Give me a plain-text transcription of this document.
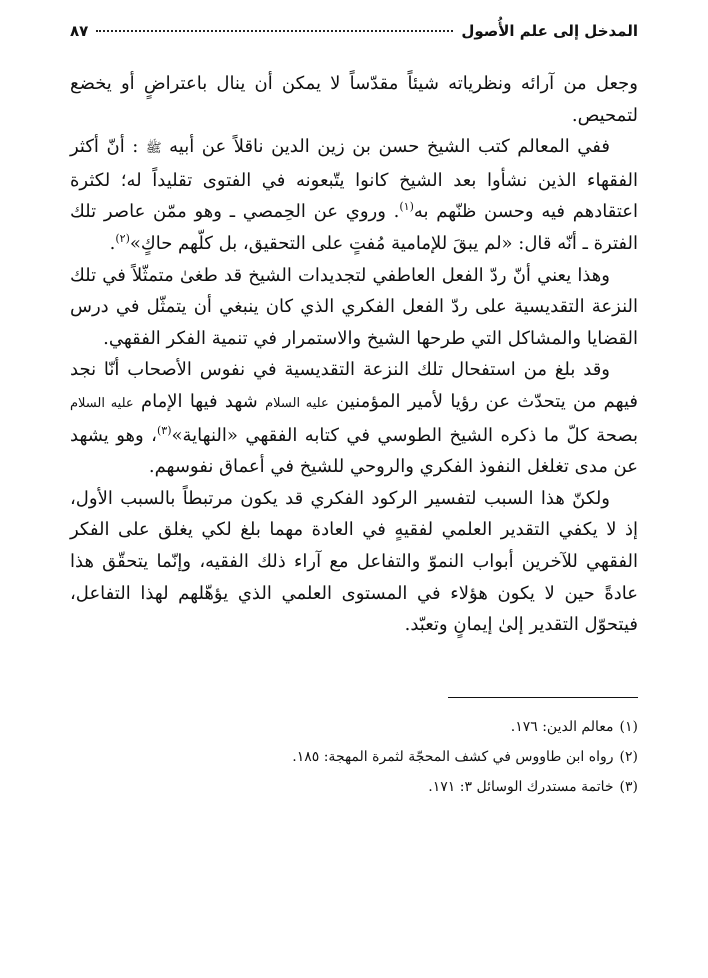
المدخل إلى علم الأُصول
٨٧

وجعل من آرائه ونظرياته شيئاً مقدّساً لا يمكن أن ينال باعتراضٍ أو يخضع لتمحيص.

ففي المعالم كتب الشيخ حسن بن زين الدين ناقلاً عن أبيه ﷺ : أنّ أكثر الفقهاء الذين نشأوا بعد الشيخ كانوا يتّبعونه في الفتوى تقليداً له؛ لكثرة اعتقادهم فيه وحسن ظنّهم به$^{(١)}$. وروي عن الحِمصي ـ وهو ممّن عاصر تلك الفترة ـ أنّه قال: «لم يبقَ للإمامية مُفتٍ على التحقيق، بل كلّهم حاكٍ»$^{(٢)}$.

وهذا يعني أنّ ردّ الفعل العاطفي لتجديدات الشيخ قد طغىٰ متمثّلاً في تلك النزعة التقديسية على ردّ الفعل الفكري الذي كان ينبغي أن يتمثّل في درس القضايا والمشاكل التي طرحها الشيخ والاستمرار في تنمية الفكر الفقهي.

وقد بلغ من استفحال تلك النزعة التقديسية في نفوس الأصحاب أنّا نجد فيهم من يتحدّث عن رؤيا لأمير المؤمنين عليه السلام شهد فيها الإمام عليه السلام بصحة كلّ ما ذكره الشيخ الطوسي في كتابه الفقهي «النهاية»$^{(٣)}$، وهو يشهد عن مدى تغلغل النفوذ الفكري والروحي للشيخ في أعماق نفوسهم.

ولكنّ هذا السبب لتفسير الركود الفكري قد يكون مرتبطاً بالسبب الأول، إذ لا يكفي التقدير العلمي لفقيهٍ في العادة مهما بلغ لكي يغلق على الفكر الفقهي للآخرين أبواب النموّ والتفاعل مع آراء ذلك الفقيه، وإنّما يتحقّق هذا عادةً حين لا يكون هؤلاء في المستوى العلمي الذي يؤهّلهم لهذا التفاعل، فيتحوّل التقدير إلىٰ إيمانٍ وتعبّد.

(١)معالم الدين: ١٧٦.

(٢)رواه ابن طاووس في كشف المحجّة لثمرة المهجة: ١٨٥.

(٣)خاتمة مستدرك الوسائل ٣: ١٧١.
